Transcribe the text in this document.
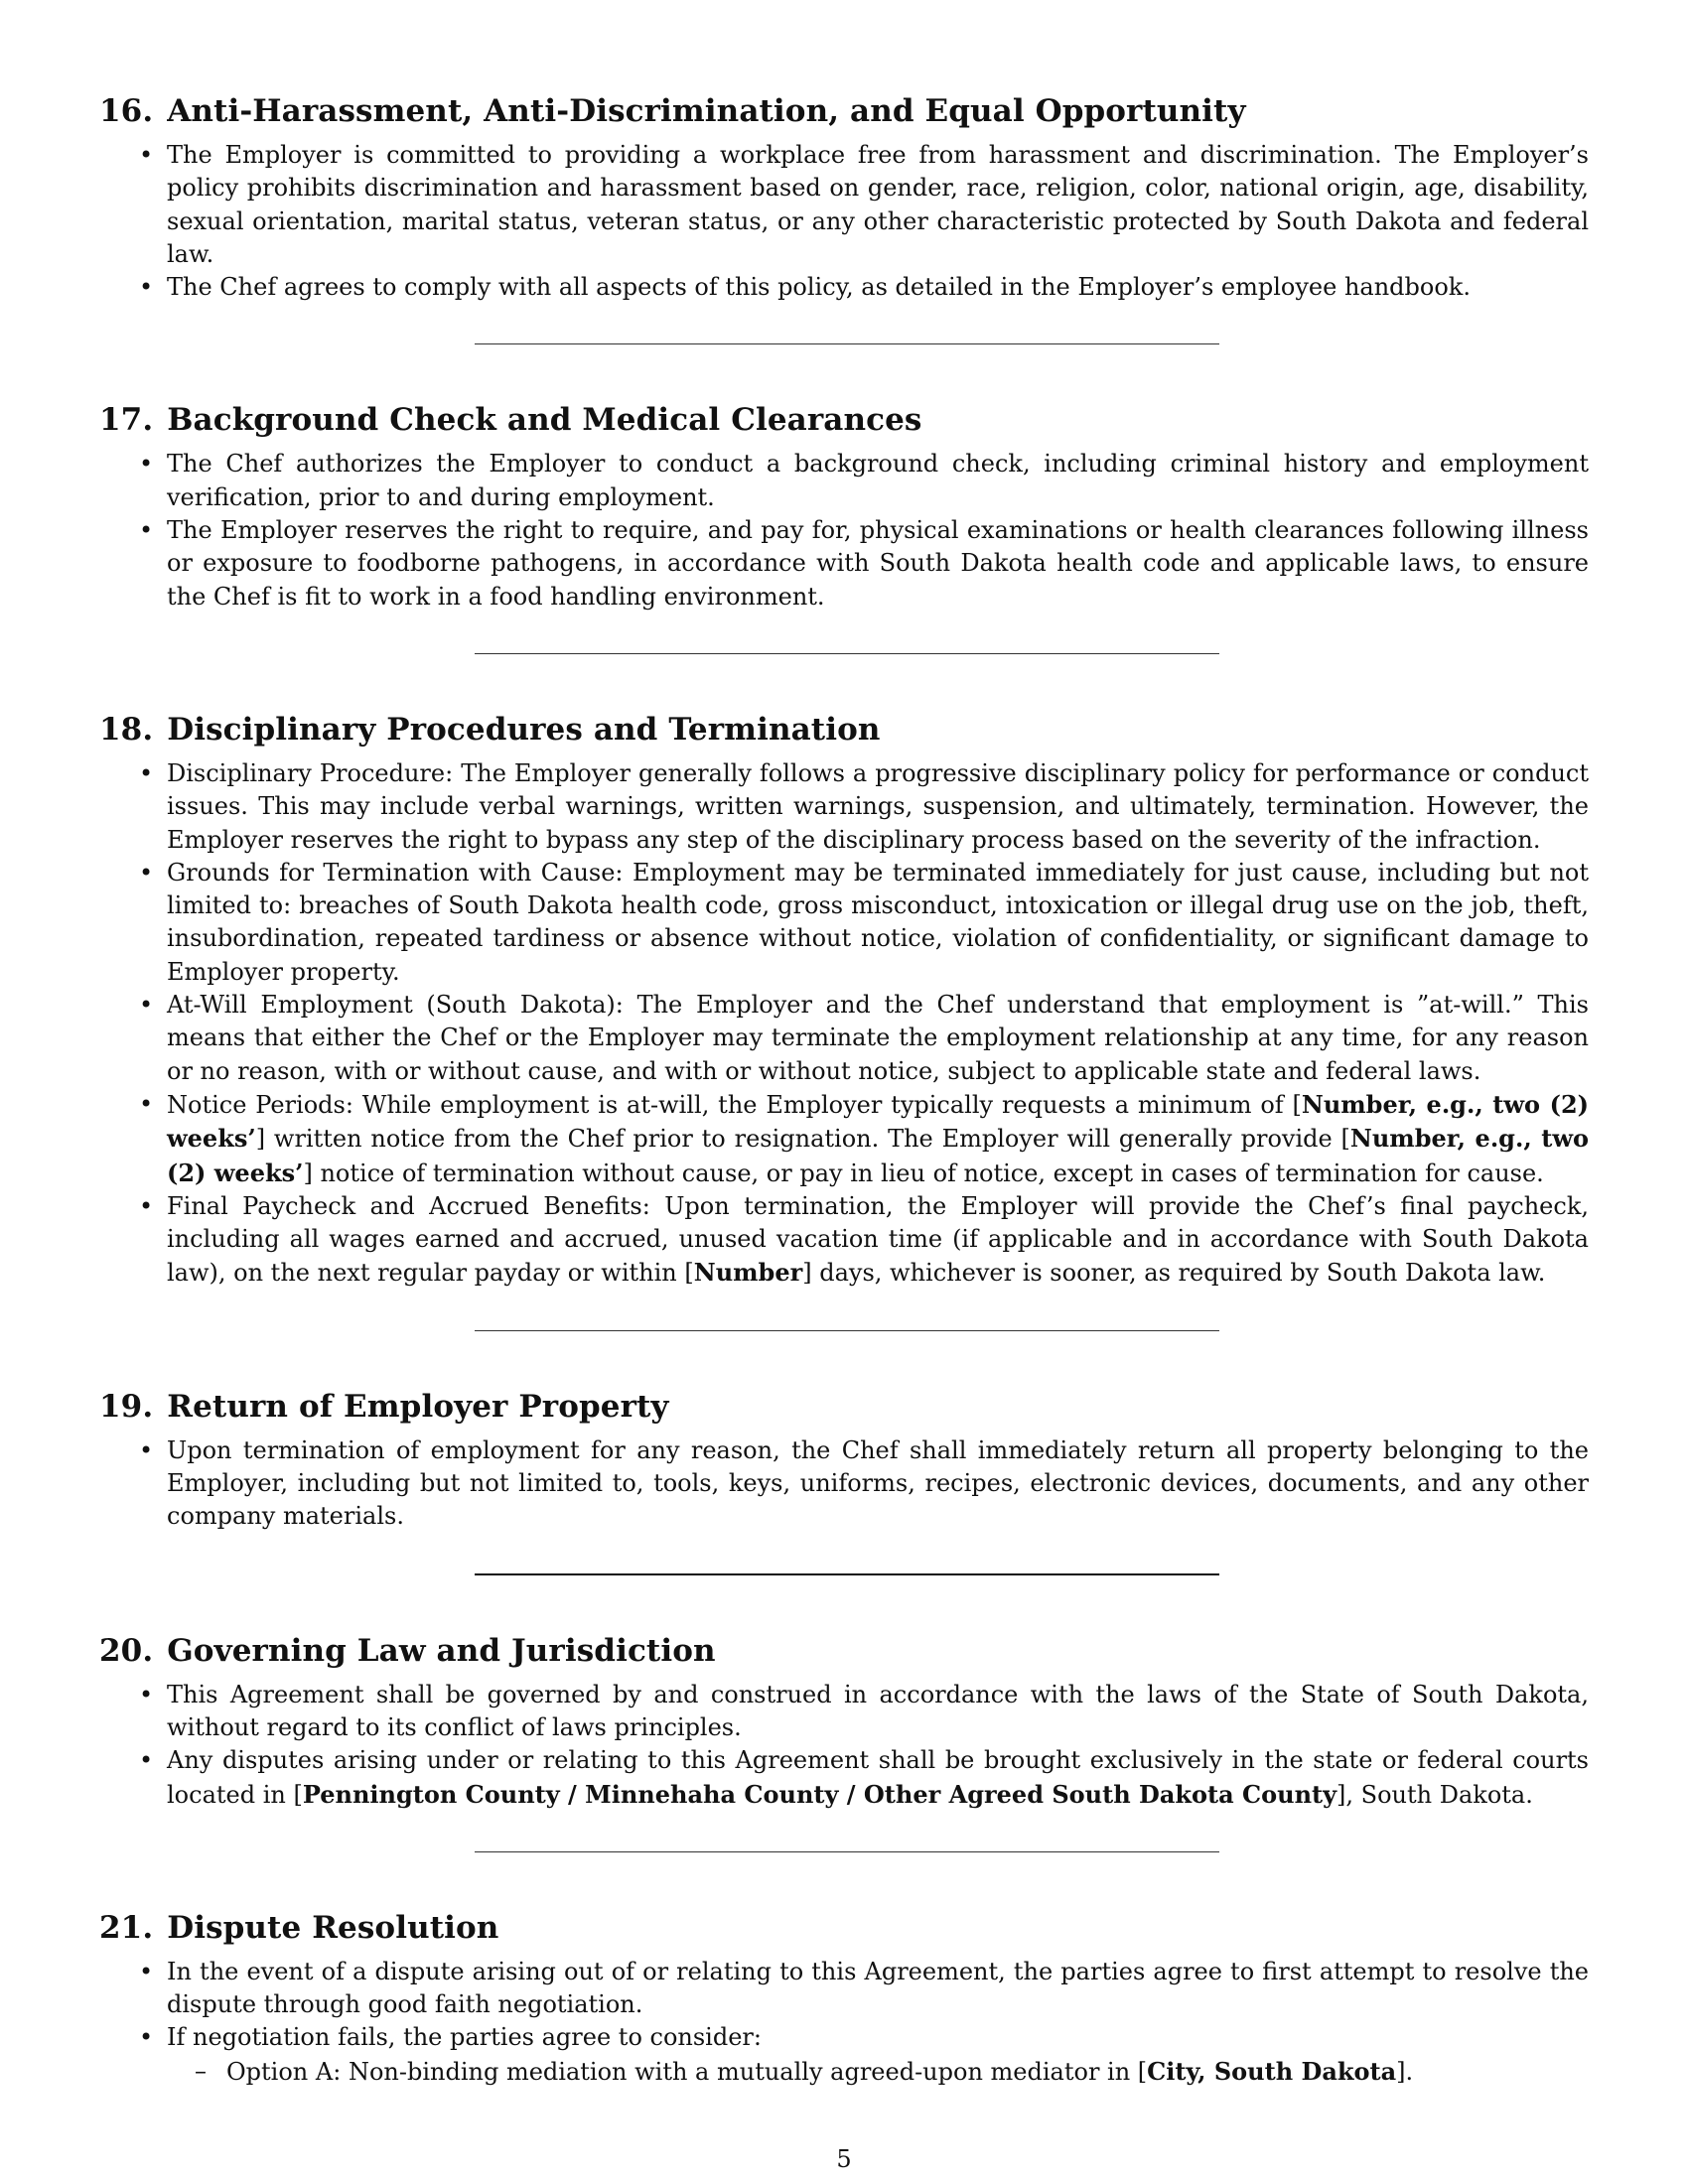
16. Anti-Harassment, Anti-Discrimination, and Equal Opportunity
• The Employer is committed to providing a workplace free from harassment and discrimination. The Employer’s policy prohibits discrimination and harassment based on gender, race, religion, color, national origin, age, disability, sexual orientation, marital status, veteran status, or any other characteristic protected by South Dakota and federal law.
• The Chef agrees to comply with all aspects of this policy, as detailed in the Employer’s employee handbook.
17. Background Check and Medical Clearances
• The Chef authorizes the Employer to conduct a background check, including criminal history and employment verification, prior to and during employment.
• The Employer reserves the right to require, and pay for, physical examinations or health clearances following illness or exposure to foodborne pathogens, in accordance with South Dakota health code and applicable laws, to ensure the Chef is fit to work in a food handling environment.
18. Disciplinary Procedures and Termination
• Disciplinary Procedure: The Employer generally follows a progressive disciplinary policy for performance or conduct issues. This may include verbal warnings, written warnings, suspension, and ultimately, termination. However, the Employer reserves the right to bypass any step of the disciplinary process based on the severity of the infraction.
• Grounds for Termination with Cause: Employment may be terminated immediately for just cause, including but not limited to: breaches of South Dakota health code, gross misconduct, intoxication or illegal drug use on the job, theft, insubordination, repeated tardiness or absence without notice, violation of confidentiality, or significant damage to Employer property.
• At-Will Employment (South Dakota): The Employer and the Chef understand that employment is ”at-will.” This means that either the Chef or the Employer may terminate the employment relationship at any time, for any reason or no reason, with or without cause, and with or without notice, subject to applicable state and federal laws.
• Notice Periods: While employment is at-will, the Employer typically requests a minimum of [Number, e.g., two (2) weeks’] written notice from the Chef prior to resignation. The Employer will generally provide [Number, e.g., two (2) weeks’] notice of termination without cause, or pay in lieu of notice, except in cases of termination for cause.
• Final Paycheck and Accrued Benefits: Upon termination, the Employer will provide the Chef’s final paycheck, including all wages earned and accrued, unused vacation time (if applicable and in accordance with South Dakota law), on the next regular payday or within [Number] days, whichever is sooner, as required by South Dakota law.
19. Return of Employer Property
• Upon termination of employment for any reason, the Chef shall immediately return all property belonging to the Employer, including but not limited to, tools, keys, uniforms, recipes, electronic devices, documents, and any other company materials.
20. Governing Law and Jurisdiction
• This Agreement shall be governed by and construed in accordance with the laws of the State of South Dakota, without regard to its conflict of laws principles.
• Any disputes arising under or relating to this Agreement shall be brought exclusively in the state or federal courts located in [Pennington County / Minnehaha County / Other Agreed South Dakota County], South Dakota.
21. Dispute Resolution
• In the event of a dispute arising out of or relating to this Agreement, the parties agree to first attempt to resolve the dispute through good faith negotiation.
• If negotiation fails, the parties agree to consider:
– Option A: Non-binding mediation with a mutually agreed-upon mediator in [City, South Dakota].
5
